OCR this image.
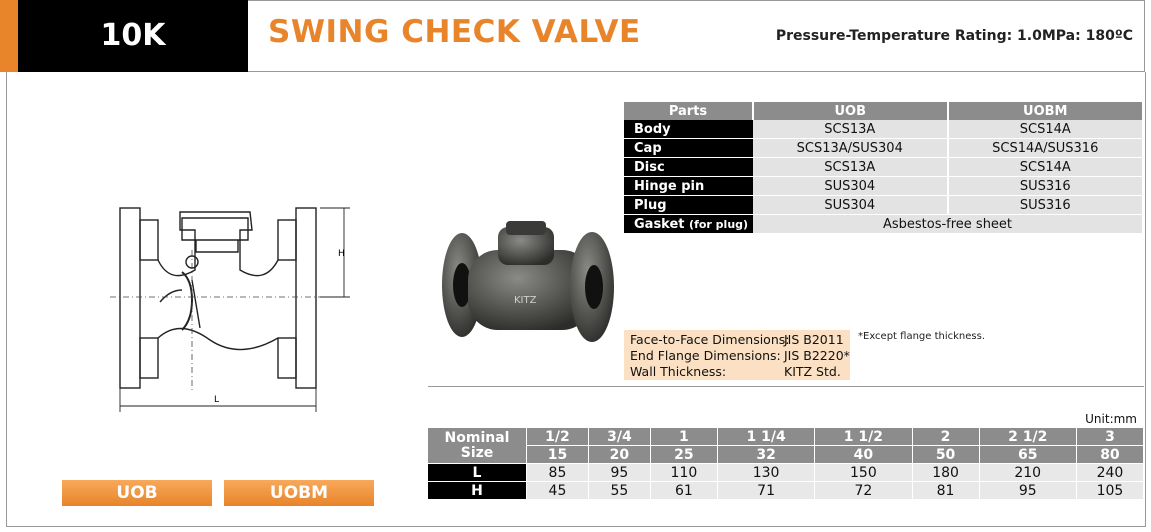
10K	SWING CHECK VALVE	Pressure-Temperature Rating: 1.0MPa: 180ºC
H
L
KITZ
Parts	UOB	UOBM
Body	SCS13A	SCS14A
Cap	SCS13A/SUS304	SCS14A/SUS316
Disc	SCS13A	SCS14A
Hinge pin	SUS304	SUS316
Plug	SUS304	SUS316
Gasket (for plug)	Asbestos-free sheet	
Face-to-Face Dimensions:
JIS B2011
End Flange Dimensions: JIS B2220*
Wall Thickness:	KITZ Std.
*Except flange thickness.
Unit:mm
Nominal Size	1/2	3/4	1	1 1/4	1 1/2	2	2 1/2	3
	15	20	25	32	40	50	65	80
L	85	95	110	130	150	180	210	240
H	45	55	61	71	72	81	95	105
UOB	UOBM
